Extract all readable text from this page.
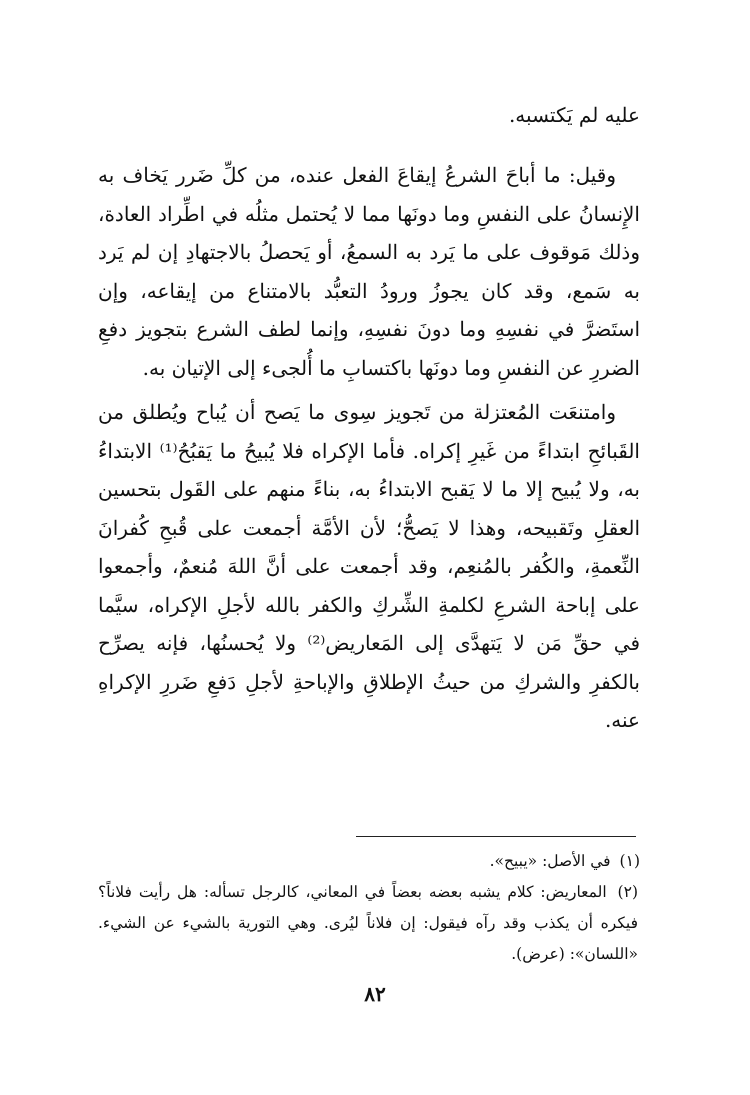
عليه لم يَكتسبه.
وقيل: ما أباحَ الشرعُ إيقاعَ الفعل عنده، من كلِّ ضَرر يَخاف به الإِنسانُ على النفسِ وما دونَها مما لا يُحتمل مثلُه في اطِّراد العادة، وذلك مَوقوف على ما يَرد به السمعُ، أو يَحصلُ بالاجتهادِ إن لم يَرد به سَمع، وقد كان يجوزُ ورودُ التعبُّد بالامتناع من إيقاعه، وإن استَضرَّ في نفسِهِ وما دونَ نفسِهِ، وإنما لطف الشرع بتجويز دفعِ الضررِ عن النفسِ وما دونَها باكتسابِ ما أُلجىء إلى الإتيان به.
وامتنعَت المُعتزلة من تَجويز سِوى ما يَصح أن يُباح ويُطلق من القَبائحِ ابتداءً من غَيرِ إكراه. فأما الإكراه فلا يُبيحُ ما يَقبُحُ⁽¹⁾ الابتداءُ به، ولا يُبيح إلا ما لا يَقبح الابتداءُ به، بناءً منهم على القَول بتحسين العقلِ وتَقبيحه، وهذا لا يَصحُّ؛ لأن الأمَّة أجمعت على قُبحِ كُفرانَ النِّعمةِ، والكُفر بالمُنعِم، وقد أجمعت على أنَّ اللهَ مُنعمٌ، وأجمعوا على إباحة الشرعِ لكلمةِ الشِّركِ والكفر بالله لأجلِ الإكراه، سيَّما في حقِّ مَن لا يَتهدَّى إلى المَعاريض⁽²⁾ ولا يُحسنُها، فإنه يصرِّح بالكفرِ والشركِ من حيثُ الإطلاقِ والإباحةِ لأجلِ دَفعِ ضَررِ الإكراهِ عنه.

(١) في الأصل: «يبيح».

(٢) المعاريض: كلام يشبه بعضه بعضاً في المعاني، كالرجل تسأله: هل رأيت فلاناً؟ فيكره أن يكذب وقد رآه فيقول: إن فلاناً ليُرى. وهي التورية بالشيء عن الشيء. «اللسان»: (عرض).

٨٢
